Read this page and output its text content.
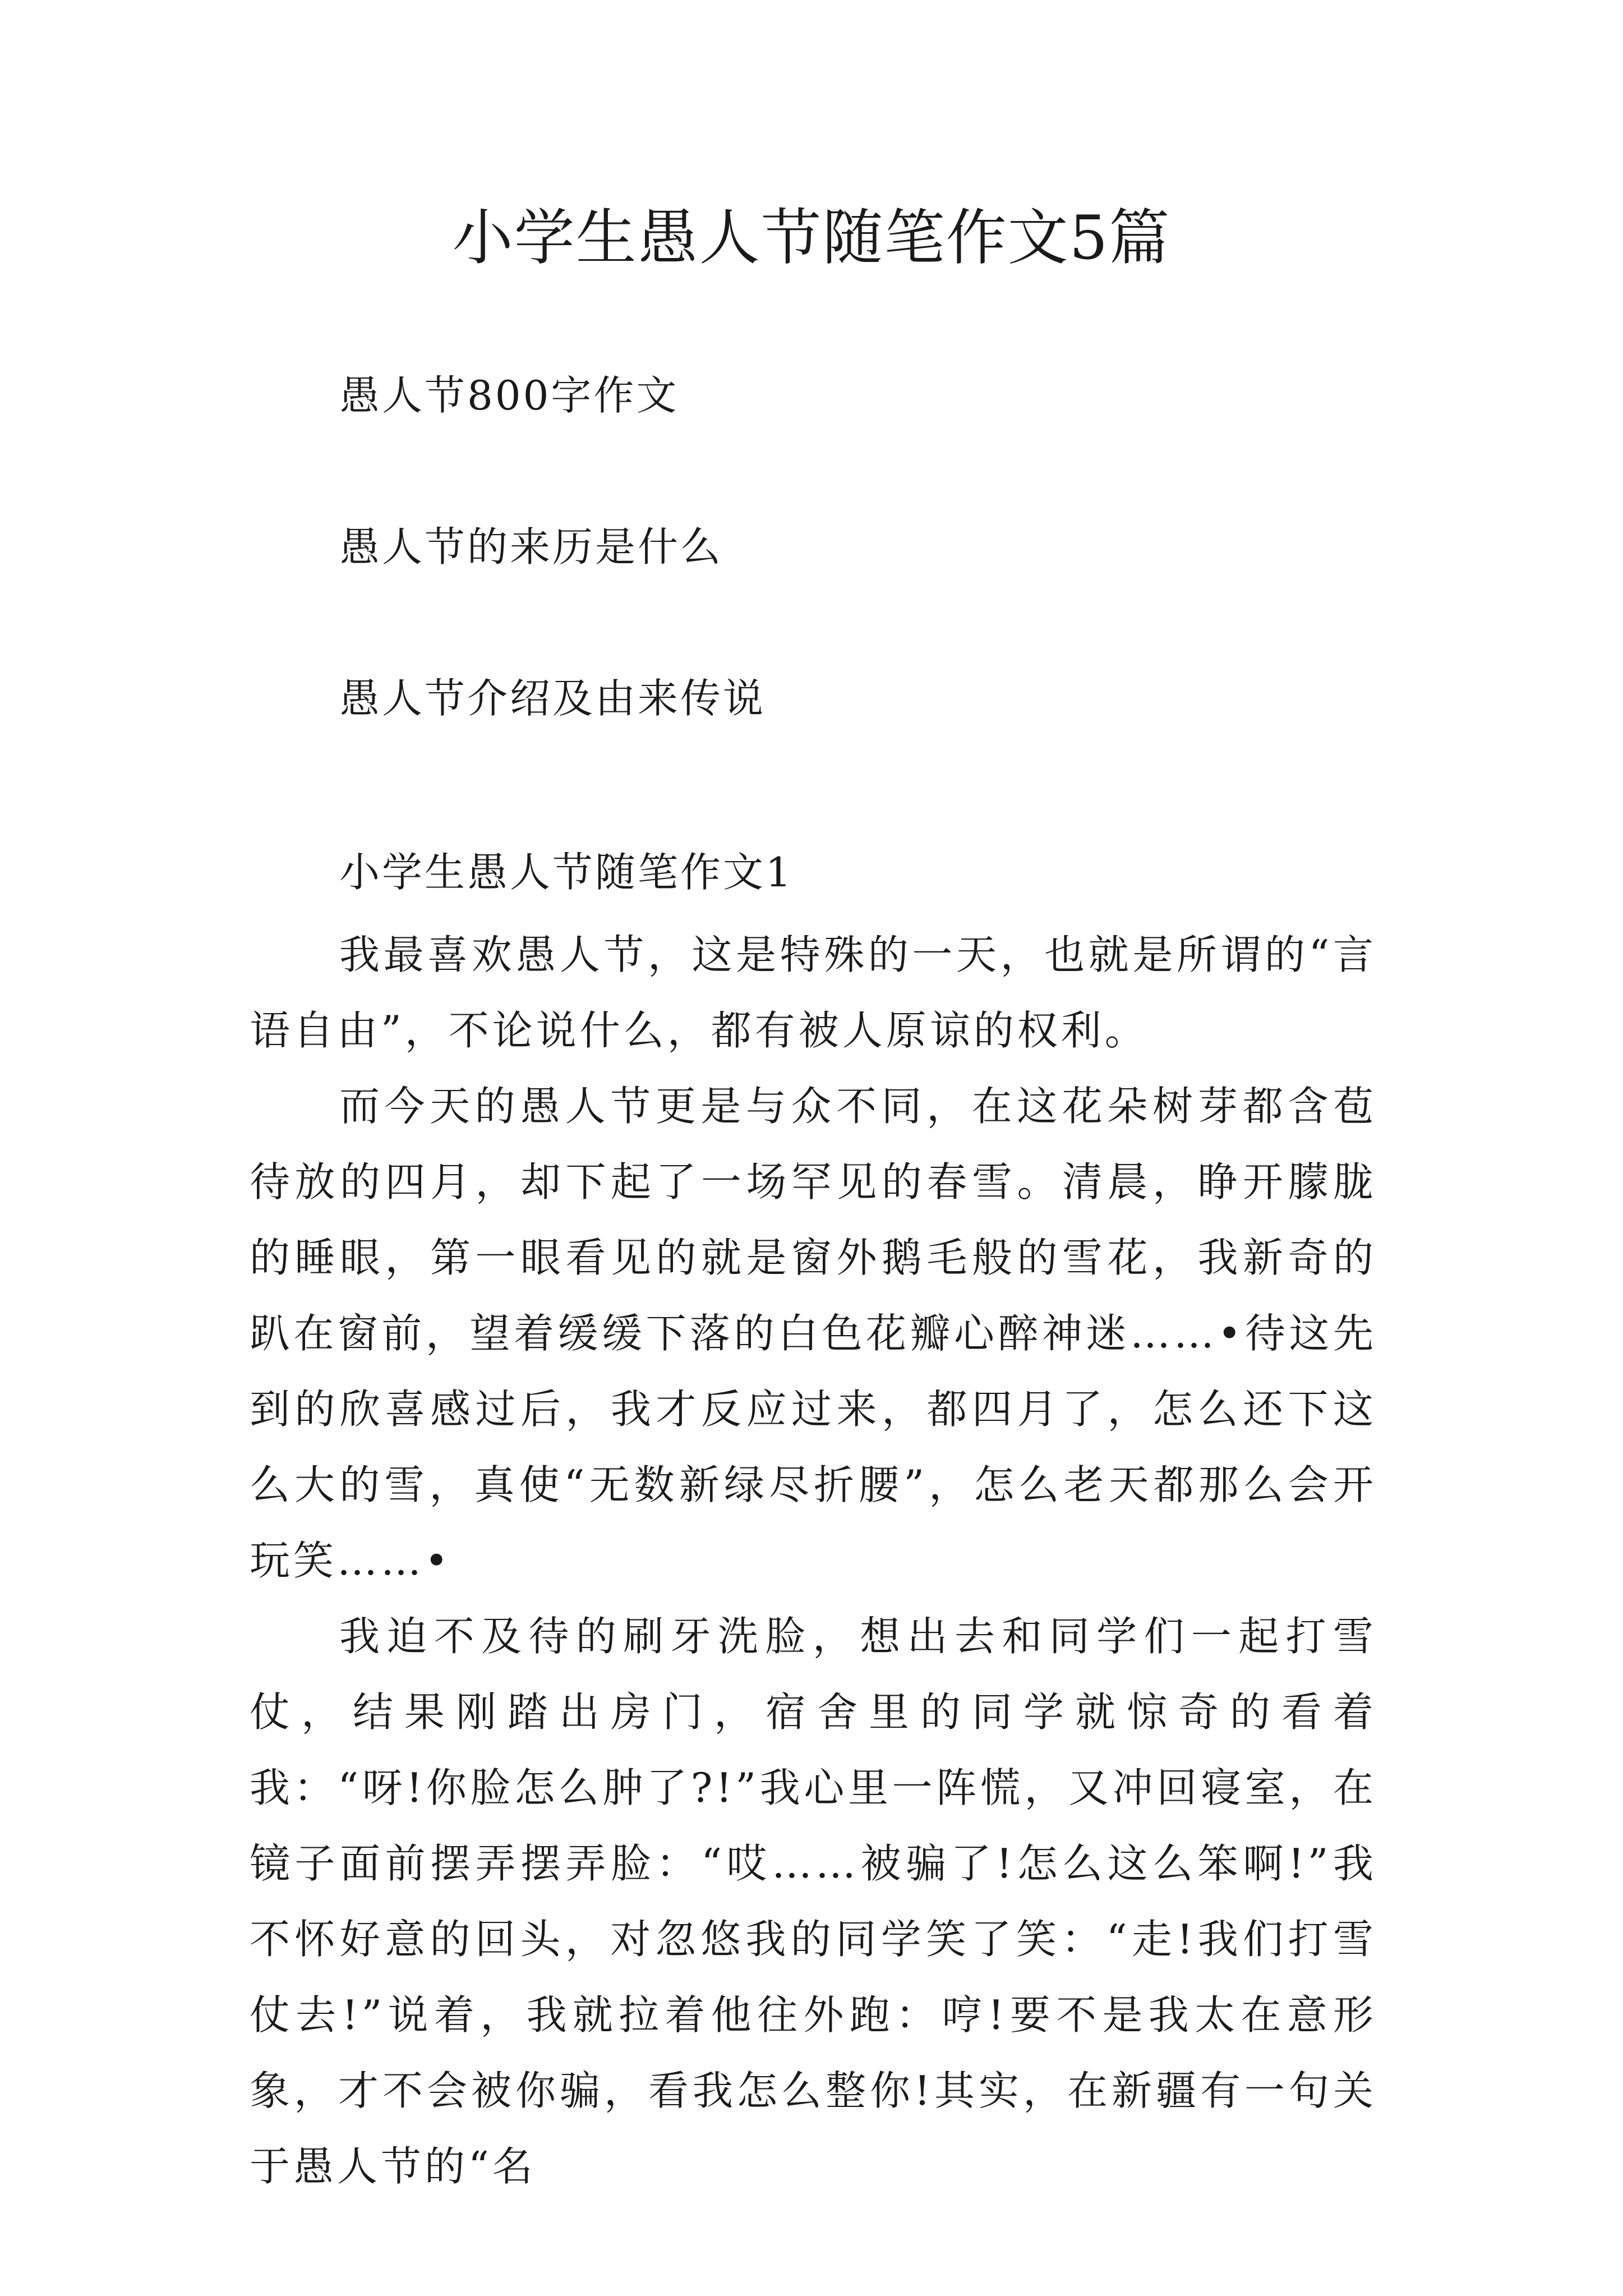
小学生愚人节随笔作文5篇
愚人节800字作文
愚人节的来历是什么
愚人节介绍及由来传说
小学生愚人节随笔作文1

我最喜欢愚人节，这是特殊的一天，也就是所谓的“言语自由”，不论说什么，都有被人原谅的权利。

而今天的愚人节更是与众不同，在这花朵树芽都含苞待放的四月，却下起了一场罕见的春雪。清晨，睁开朦胧的睡眼，第一眼看见的就是窗外鹅毛般的雪花，我新奇的趴在窗前，望着缓缓下落的白色花瓣心醉神迷……•待这先到的欣喜感过后，我才反应过来，都四月了，怎么还下这么大的雪，真使“无数新绿尽折腰”，怎么老天都那么会开玩笑……•

我迫不及待的刷牙洗脸，想出去和同学们一起打雪仗，结果刚踏出房门，宿舍里的同学就惊奇的看着我：“呀!你脸怎么肿了?!”我心里一阵慌，又冲回寝室，在镜子面前摆弄摆弄脸：“哎……被骗了!怎么这么笨啊!”我不怀好意的回头，对忽悠我的同学笑了笑：“走!我们打雪仗去!”说着，我就拉着他往外跑：哼!要不是我太在意形象，才不会被你骗，看我怎么整你!其实，在新疆有一句关于愚人节的“名
